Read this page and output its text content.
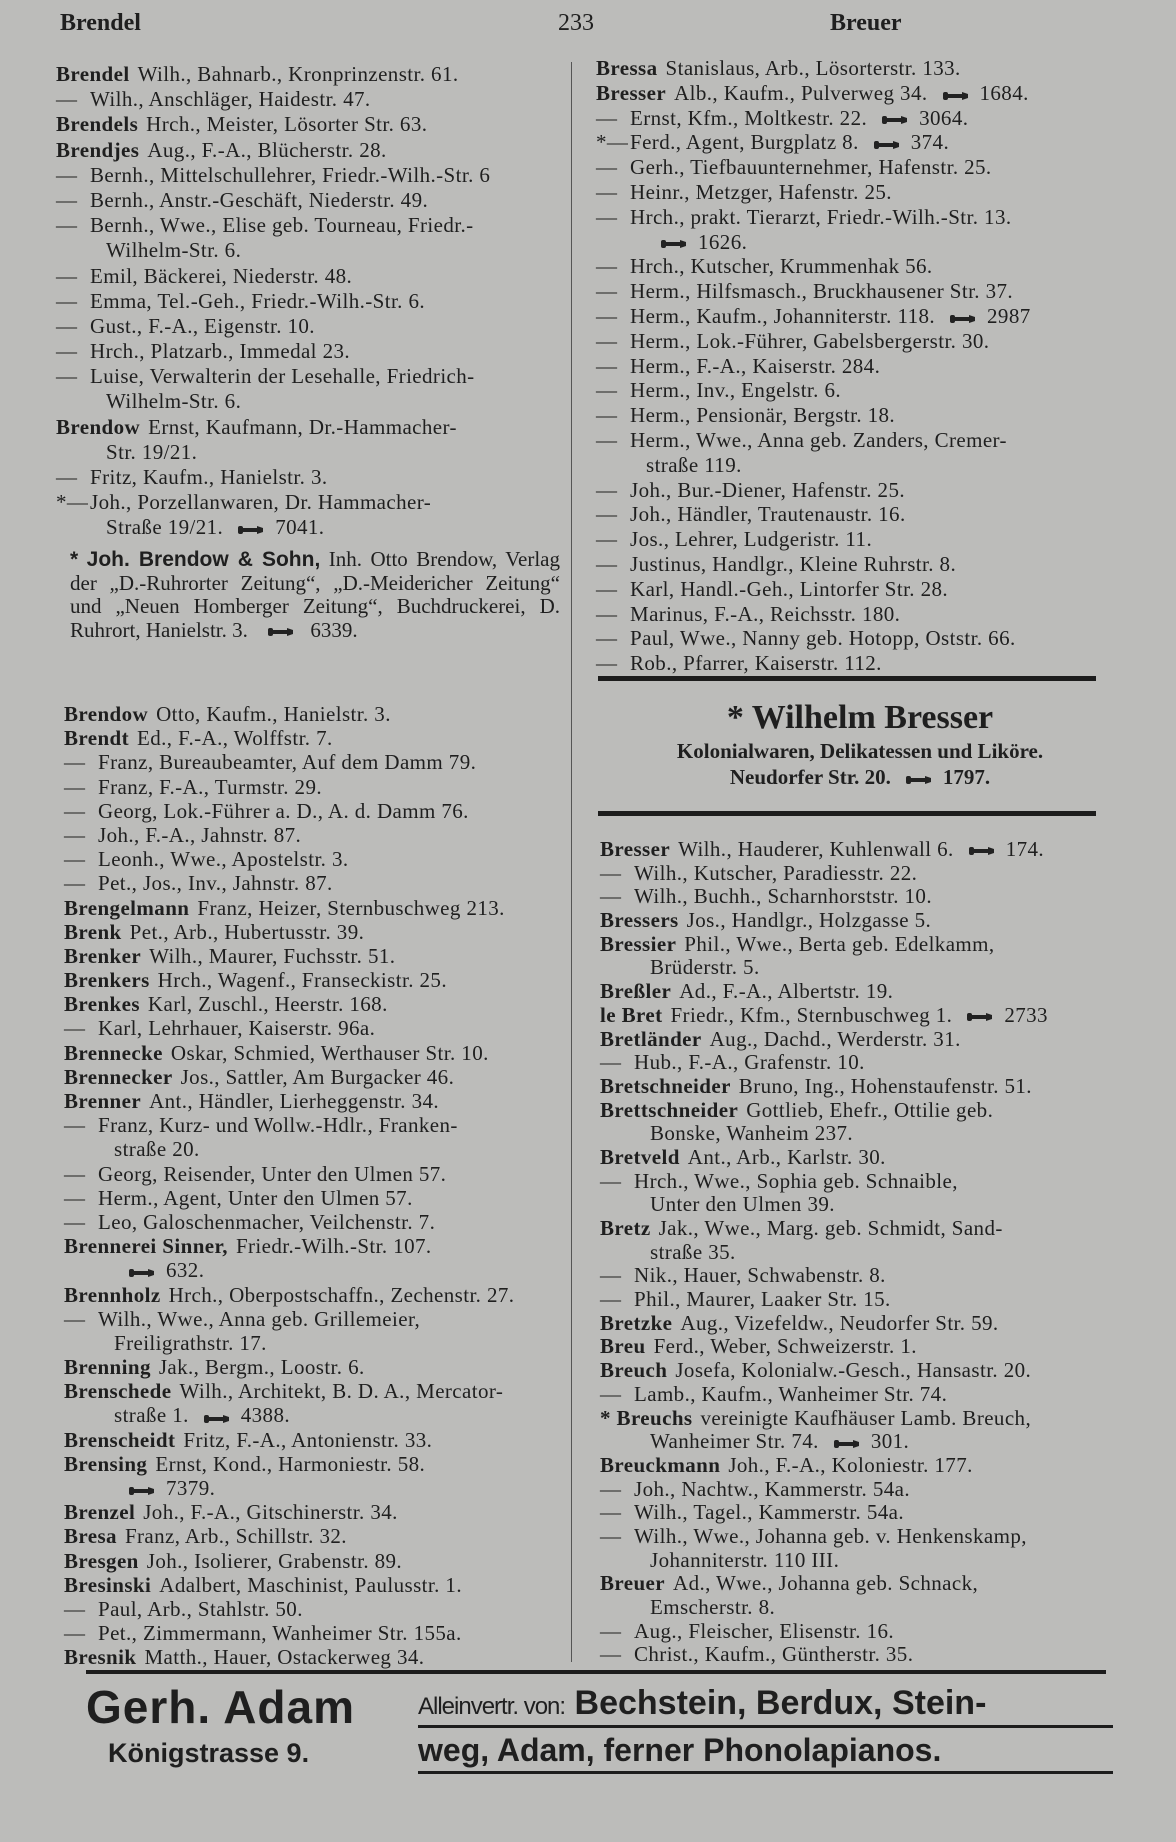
Brendel	233	Breuer
Brendel Wilh., Bahnarb., Kronprinzenstr. 61.
— Wilh., Anschläger, Haidestr. 47.
Brendels Hrch., Meister, Lösorter Str. 63.
Brendjes Aug., F.-A., Blücherstr. 28.
— Bernh., Mittelschullehrer, Friedr.-Wilh.-Str. 6
— Bernh., Anstr.-Geschäft, Niederstr. 49.
— Bernh., Wwe., Elise geb. Tourneau, Friedr.-
Wilhelm-Str. 6.
— Emil, Bäckerei, Niederstr. 48.
— Emma, Tel.-Geh., Friedr.-Wilh.-Str. 6.
— Gust., F.-A., Eigenstr. 10.
— Hrch., Platzarb., Immedal 23.
— Luise, Verwalterin der Lesehalle, Friedrich-
Wilhelm-Str. 6.
Brendow Ernst, Kaufmann, Dr.-Hammacher-
Str. 19/21.
— Fritz, Kaufm., Hanielstr. 3.
*—Joh., Porzellanwaren, Dr. Hammacher-
Straße 19/21. 7041.
* Joh. Brendow & Sohn, Inh. Otto Brendow, Verlag der „D.-Ruhrorter Zeitung“, „D.-Meidericher Zeitung“ und „Neuen Homberger Zeitung“, Buchdruckerei, D. Ruhrort, Hanielstr. 3.	6339.
Brendow Otto, Kaufm., Hanielstr. 3.
Brendt Ed., F.-A., Wolffstr. 7.
— Franz, Bureaubeamter, Auf dem Damm 79.
— Franz, F.-A., Turmstr. 29.
— Georg, Lok.-Führer a. D., A. d. Damm 76.
— Joh., F.-A., Jahnstr. 87.
— Leonh., Wwe., Apostelstr. 3.
— Pet., Jos., Inv., Jahnstr. 87.
Brengelmann Franz, Heizer, Sternbuschweg 213.
Brenk Pet., Arb., Hubertusstr. 39.
Brenker Wilh., Maurer, Fuchsstr. 51.
Brenkers Hrch., Wagenf., Franseckistr. 25.
Brenkes Karl, Zuschl., Heerstr. 168.
— Karl, Lehrhauer, Kaiserstr. 96a.
Brennecke Oskar, Schmied, Werthauser Str. 10.
Brennecker Jos., Sattler, Am Burgacker 46.
Brenner Ant., Händler, Lierheggenstr. 34.
— Franz, Kurz- und Wollw.-Hdlr., Franken-
straße 20.
— Georg, Reisender, Unter den Ulmen 57.
— Herm., Agent, Unter den Ulmen 57.
— Leo, Galoschenmacher, Veilchenstr. 7.
Brennerei Sinner, Friedr.-Wilh.-Str. 107.
632.
Brennholz Hrch., Oberpostschaffn., Zechenstr. 27.
— Wilh., Wwe., Anna geb. Grillemeier,
Freiligrathstr. 17.
Brenning Jak., Bergm., Loostr. 6.
Brenschede Wilh., Architekt, B. D. A., Mercator-
straße 1. 4388.
Brenscheidt Fritz, F.-A., Antonienstr. 33.
Brensing Ernst, Kond., Harmoniestr. 58.
7379.
Brenzel Joh., F.-A., Gitschinerstr. 34.
Bresa Franz, Arb., Schillstr. 32.
Bresgen Joh., Isolierer, Grabenstr. 89.
Bresinski Adalbert, Maschinist, Paulusstr. 1.
— Paul, Arb., Stahlstr. 50.
— Pet., Zimmermann, Wanheimer Str. 155a.
Bresnik Matth., Hauer, Ostackerweg 34.
Bressa Stanislaus, Arb., Lösorterstr. 133.
Bresser Alb., Kaufm., Pulverweg 34. 1684.
— Ernst, Kfm., Moltkestr. 22. 3064.
*—Ferd., Agent, Burgplatz 8. 374.
— Gerh., Tiefbauunternehmer, Hafenstr. 25.
— Heinr., Metzger, Hafenstr. 25.
— Hrch., prakt. Tierarzt, Friedr.-Wilh.-Str. 13.
1626.
— Hrch., Kutscher, Krummenhak 56.
— Herm., Hilfsmasch., Bruckhausener Str. 37.
— Herm., Kaufm., Johanniterstr. 118. 2987
— Herm., Lok.-Führer, Gabelsbergerstr. 30.
— Herm., F.-A., Kaiserstr. 284.
— Herm., Inv., Engelstr. 6.
— Herm., Pensionär, Bergstr. 18.
— Herm., Wwe., Anna geb. Zanders, Cremer-
straße 119.
— Joh., Bur.-Diener, Hafenstr. 25.
— Joh., Händler, Trautenaustr. 16.
— Jos., Lehrer, Ludgeristr. 11.
— Justinus, Handlgr., Kleine Ruhrstr. 8.
— Karl, Handl.-Geh., Lintorfer Str. 28.
— Marinus, F.-A., Reichsstr. 180.
— Paul, Wwe., Nanny geb. Hotopp, Oststr. 66.
— Rob., Pfarrer, Kaiserstr. 112.
* Wilhelm Bresser
Kolonialwaren, Delikatessen und Liköre.
Neudorfer Str. 20. 1797.
Bresser Wilh., Hauderer, Kuhlenwall 6. 174.
— Wilh., Kutscher, Paradiesstr. 22.
— Wilh., Buchh., Scharnhorststr. 10.
Bressers Jos., Handlgr., Holzgasse 5.
Bressier Phil., Wwe., Berta geb. Edelkamm,
Brüderstr. 5.
Breßler Ad., F.-A., Albertstr. 19.
le Bret Friedr., Kfm., Sternbuschweg 1. 2733
Bretländer Aug., Dachd., Werderstr. 31.
— Hub., F.-A., Grafenstr. 10.
Bretschneider Bruno, Ing., Hohenstaufenstr. 51.
Brettschneider Gottlieb, Ehefr., Ottilie geb.
Bonske, Wanheim 237.
Bretveld Ant., Arb., Karlstr. 30.
— Hrch., Wwe., Sophia geb. Schnaible,
Unter den Ulmen 39.
Bretz Jak., Wwe., Marg. geb. Schmidt, Sand-
straße 35.
— Nik., Hauer, Schwabenstr. 8.
— Phil., Maurer, Laaker Str. 15.
Bretzke Aug., Vizefeldw., Neudorfer Str. 59.
Breu Ferd., Weber, Schweizerstr. 1.
Breuch Josefa, Kolonialw.-Gesch., Hansastr. 20.
— Lamb., Kaufm., Wanheimer Str. 74.
* Breuchs vereinigte Kaufhäuser Lamb. Breuch,
Wanheimer Str. 74. 301.
Breuckmann Joh., F.-A., Koloniestr. 177.
— Joh., Nachtw., Kammerstr. 54a.
— Wilh., Tagel., Kammerstr. 54a.
— Wilh., Wwe., Johanna geb. v. Henkenskamp,
Johanniterstr. 110 III.
Breuer Ad., Wwe., Johanna geb. Schnack,
Emscherstr. 8.
— Aug., Fleischer, Elisenstr. 16.
— Christ., Kaufm., Güntherstr. 35.
Gerh. Adam
Königstrasse 9.
Alleinvertr. von: Bechstein, Berdux, Stein-
weg, Adam, ferner Phonolapianos.
